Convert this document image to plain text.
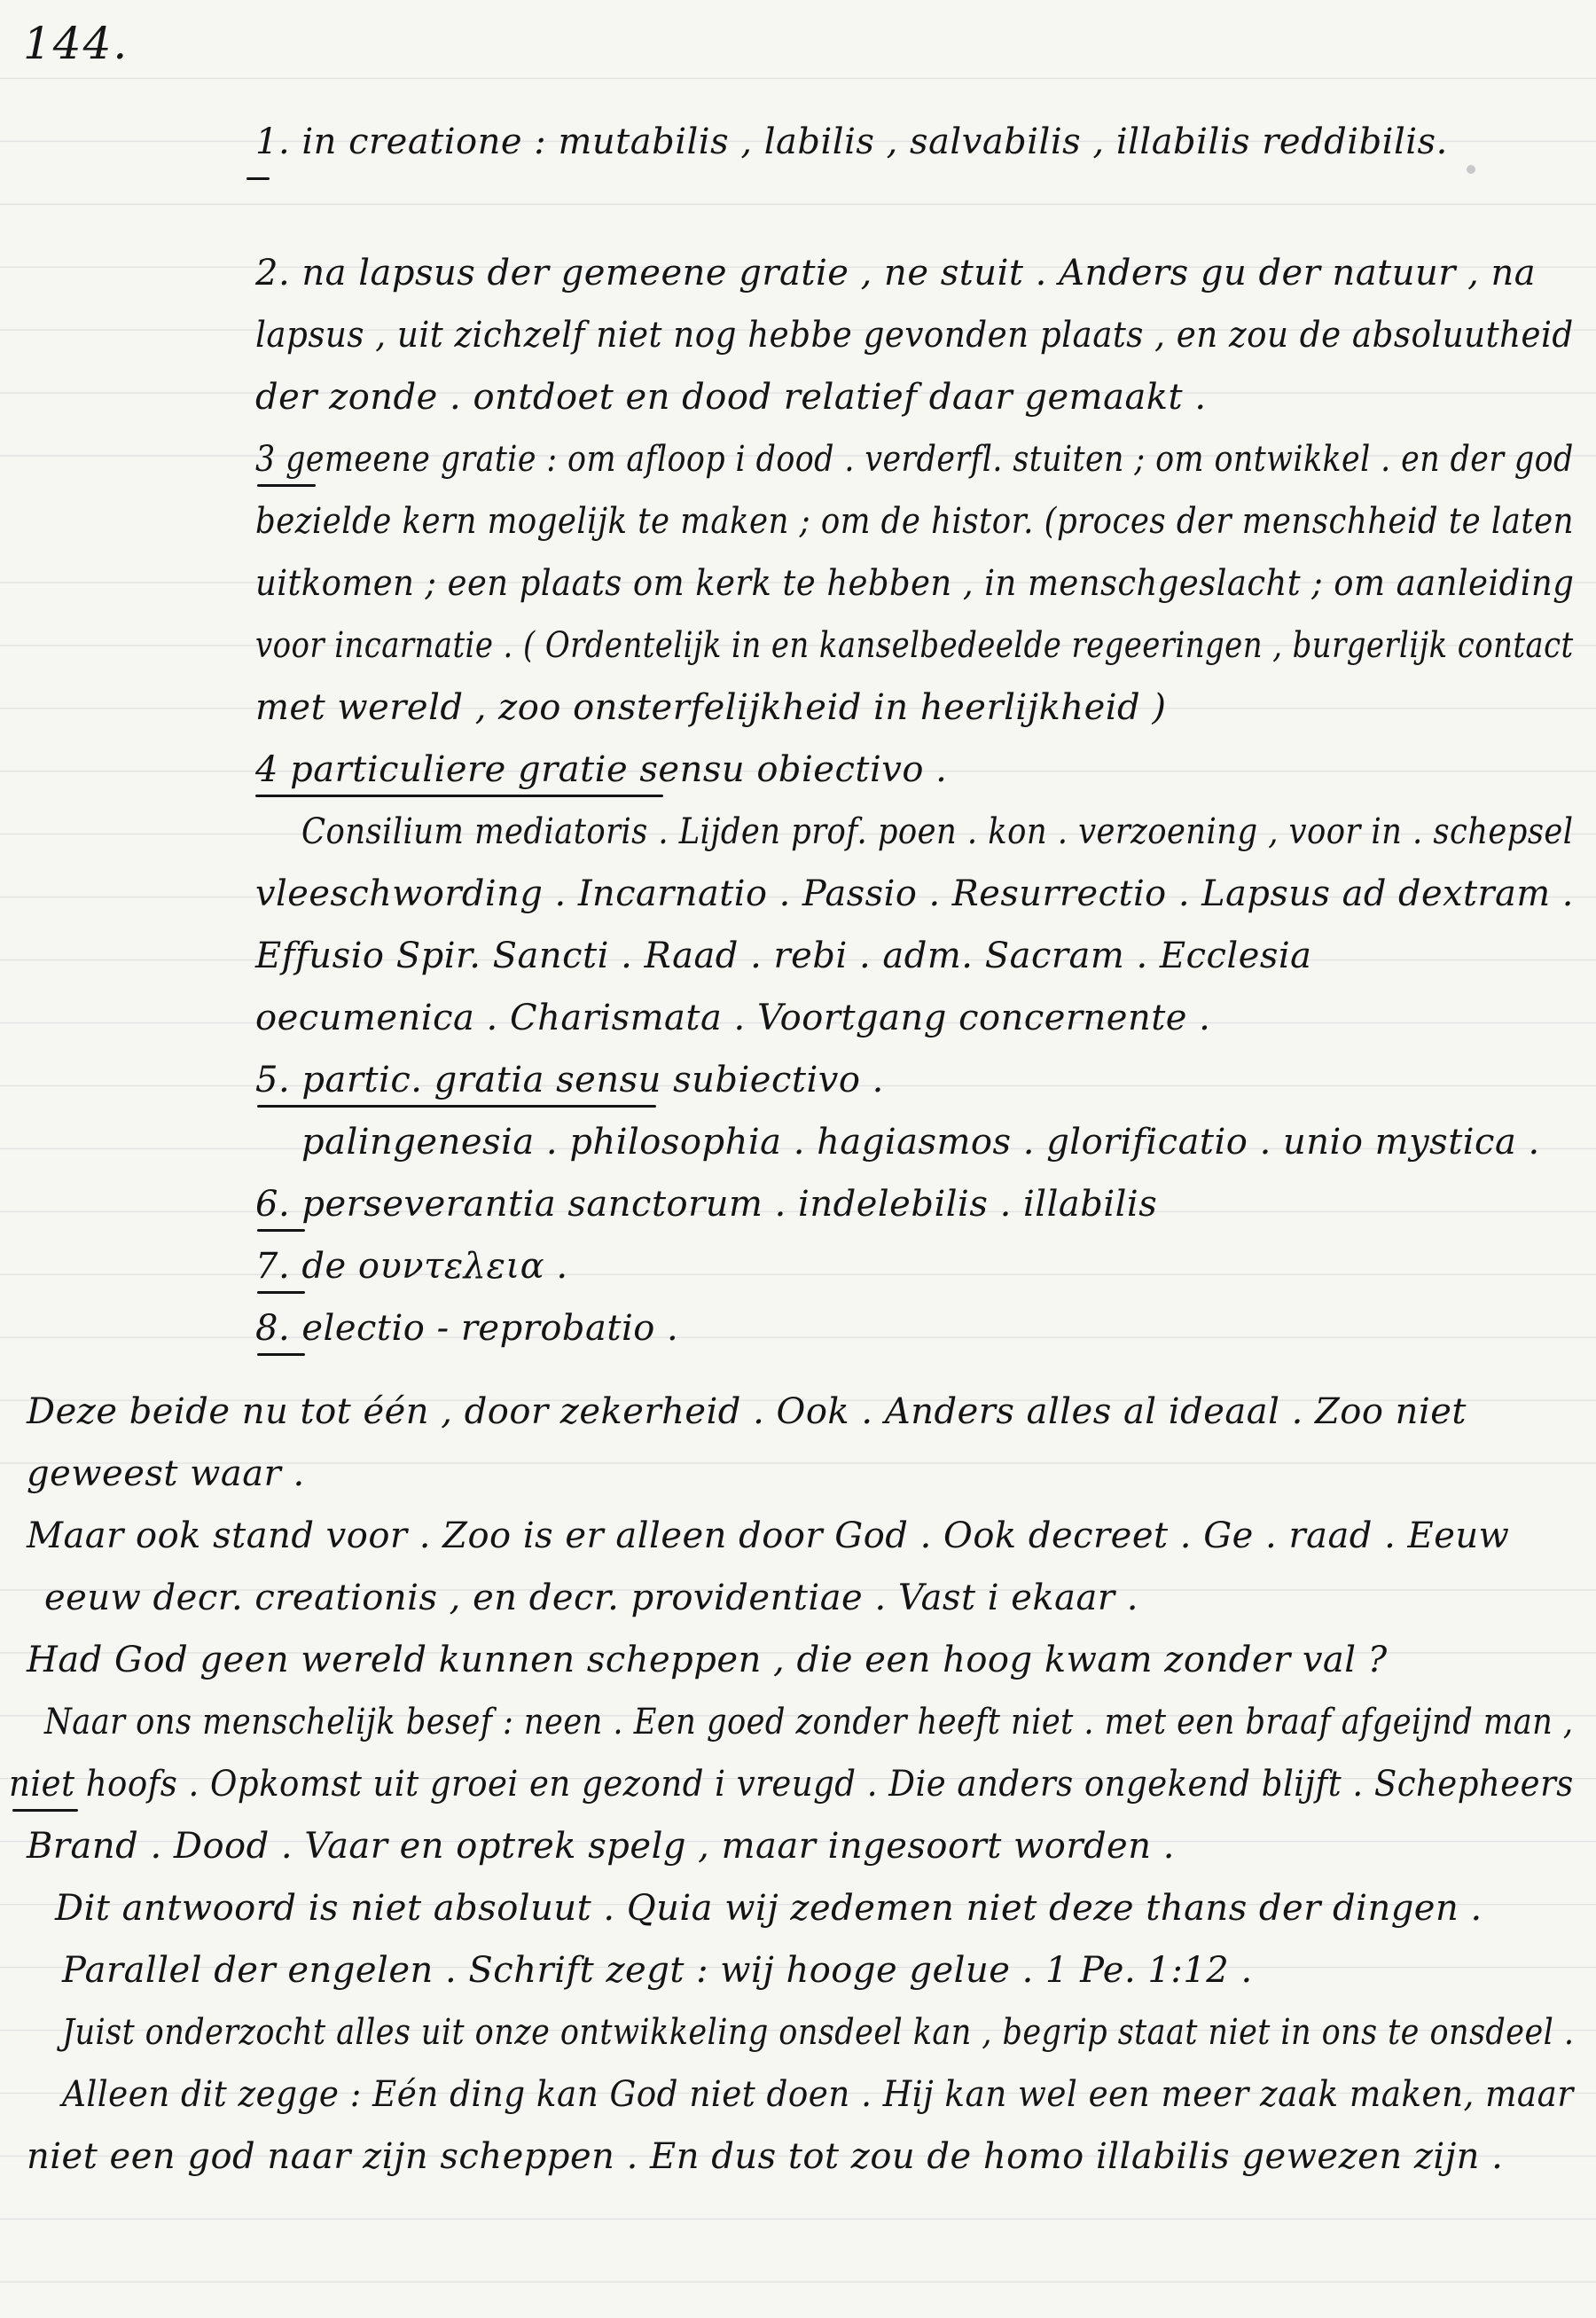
144.
1. in creatione : mutabilis , labilis , salvabilis , illabilis reddibilis.
2. na lapsus der gemeene gratie , ne stuit . Anders gu der natuur , na
lapsus , uit zichzelf niet nog hebbe gevonden plaats , en zou de absoluutheid
der zonde . ontdoet en dood relatief daar gemaakt .
3 gemeene gratie : om afloop i dood . verderfl. stuiten ; om ontwikkel . en der god
bezielde kern mogelijk te maken ; om de histor. (proces der menschheid te laten
uitkomen ; een plaats om kerk te hebben , in menschgeslacht ; om aanleiding
voor incarnatie . ( Ordentelijk in en kanselbedeelde regeeringen , burgerlijk contact
met wereld , zoo onsterfelijkheid in heerlijkheid )
4 particuliere gratie sensu obiectivo .
Consilium mediatoris . Lijden prof. poen . kon . verzoening , voor in . schepsel
vleeschwording . Incarnatio . Passio . Resurrectio . Lapsus ad dextram .
Effusio Spir. Sancti . Raad . rebi . adm. Sacram . Ecclesia
oecumenica . Charismata . Voortgang concernente .
5. partic. gratia sensu subiectivo .
palingenesia . philosophia . hagiasmos . glorificatio . unio mystica .
6. perseverantia sanctorum . indelebilis . illabilis
7. de ουντελεια .
8. electio - reprobatio .
Deze beide nu tot één , door zekerheid . Ook . Anders alles al ideaal . Zoo niet
geweest waar .
Maar ook stand voor . Zoo is er alleen door God . Ook decreet . Ge . raad . Eeuw
eeuw decr. creationis , en decr. providentiae . Vast i ekaar .
Had God geen wereld kunnen scheppen , die een hoog kwam zonder val ?
Naar ons menschelijk besef : neen . Een goed zonder heeft niet . met een braaf afgeijnd man ,
niet hoofs . Opkomst uit groei en gezond i vreugd . Die anders ongekend blijft . Schepheers
Brand . Dood . Vaar en optrek spelg , maar ingesoort worden .
Dit antwoord is niet absoluut . Quia wij zedemen niet deze thans der dingen .
Parallel der engelen . Schrift zegt : wij hooge gelue . 1 Pe. 1:12 .
Juist onderzocht alles uit onze ontwikkeling onsdeel kan , begrip staat niet in ons te onsdeel .
Alleen dit zegge : Eén ding kan God niet doen . Hij kan wel een meer zaak maken, maar
niet een god naar zijn scheppen . En dus tot zou de homo illabilis gewezen zijn .
